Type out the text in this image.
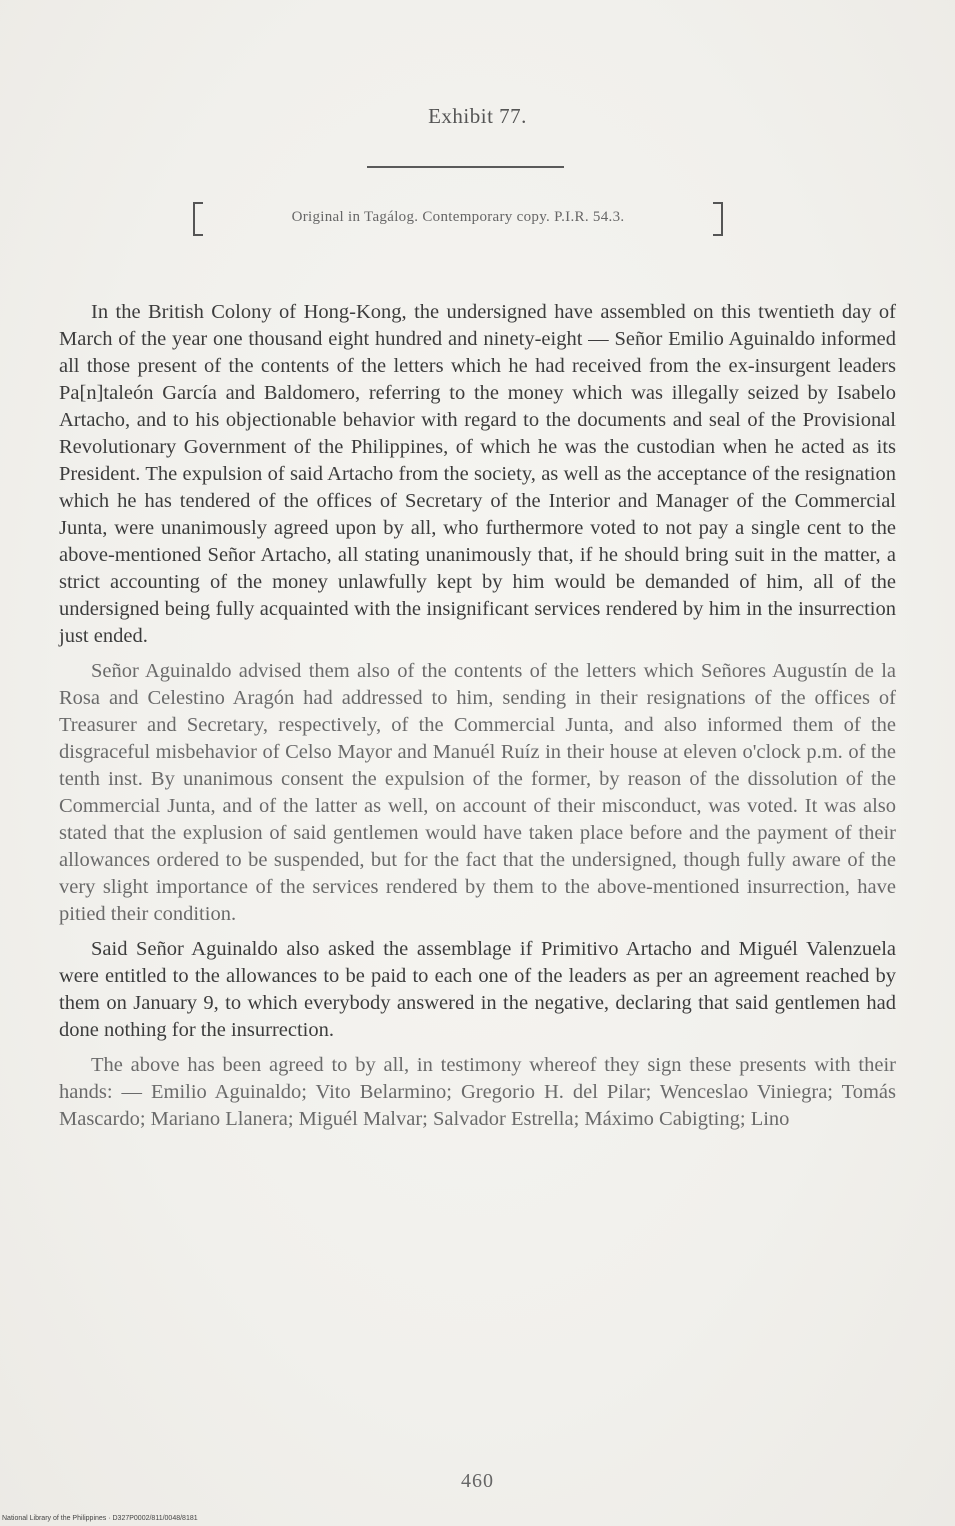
Exhibit 77.
Original in Tagálog. Contemporary copy. P.I.R. 54.3.

In the British Colony of Hong-Kong, the undersigned have assembled on this twentieth day of March of the year one thousand eight hundred and ninety-eight — Señor Emilio Aguinaldo informed all those present of the contents of the letters which he had received from the ex-insurgent leaders Pa[n]taleón García and Baldomero, referring to the money which was illegally seized by Isabelo Artacho, and to his objectionable behavior with regard to the documents and seal of the Provisional Revolutionary Government of the Philippines, of which he was the custodian when he acted as its President. The expulsion of said Artacho from the society, as well as the acceptance of the resignation which he has tendered of the offices of Secretary of the Interior and Manager of the Commercial Junta, were unanimously agreed upon by all, who furthermore voted to not pay a single cent to the above-mentioned Señor Artacho, all stating unanimously that, if he should bring suit in the matter, a strict accounting of the money unlawfully kept by him would be demanded of him, all of the undersigned being fully acquainted with the insignificant services rendered by him in the insurrection just ended.

Señor Aguinaldo advised them also of the contents of the letters which Señores Augustín de la Rosa and Celestino Aragón had addressed to him, sending in their resignations of the offices of Treasurer and Secretary, respectively, of the Commercial Junta, and also informed them of the disgraceful misbehavior of Celso Mayor and Manuél Ruíz in their house at eleven o'clock p.m. of the tenth inst. By unanimous consent the expulsion of the former, by reason of the dissolution of the Commercial Junta, and of the latter as well, on account of their misconduct, was voted. It was also stated that the explusion of said gentlemen would have taken place before and the payment of their allowances ordered to be suspended, but for the fact that the undersigned, though fully aware of the very slight importance of the services rendered by them to the above-mentioned insurrection, have pitied their condition.

Said Señor Aguinaldo also asked the assemblage if Primitivo Artacho and Miguél Valenzuela were entitled to the allowances to be paid to each one of the leaders as per an agreement reached by them on January 9, to which everybody answered in the negative, declaring that said gentlemen had done nothing for the insurrection.

The above has been agreed to by all, in testimony whereof they sign these presents with their hands: — Emilio Aguinaldo; Vito Belarmino; Gregorio H. del Pilar; Wenceslao Viniegra; Tomás Mascardo; Mariano Llanera; Miguél Malvar; Salvador Estrella; Máximo Cabigting; Lino

460
National Library of the Philippines · D327P0002/811/0048/8181
